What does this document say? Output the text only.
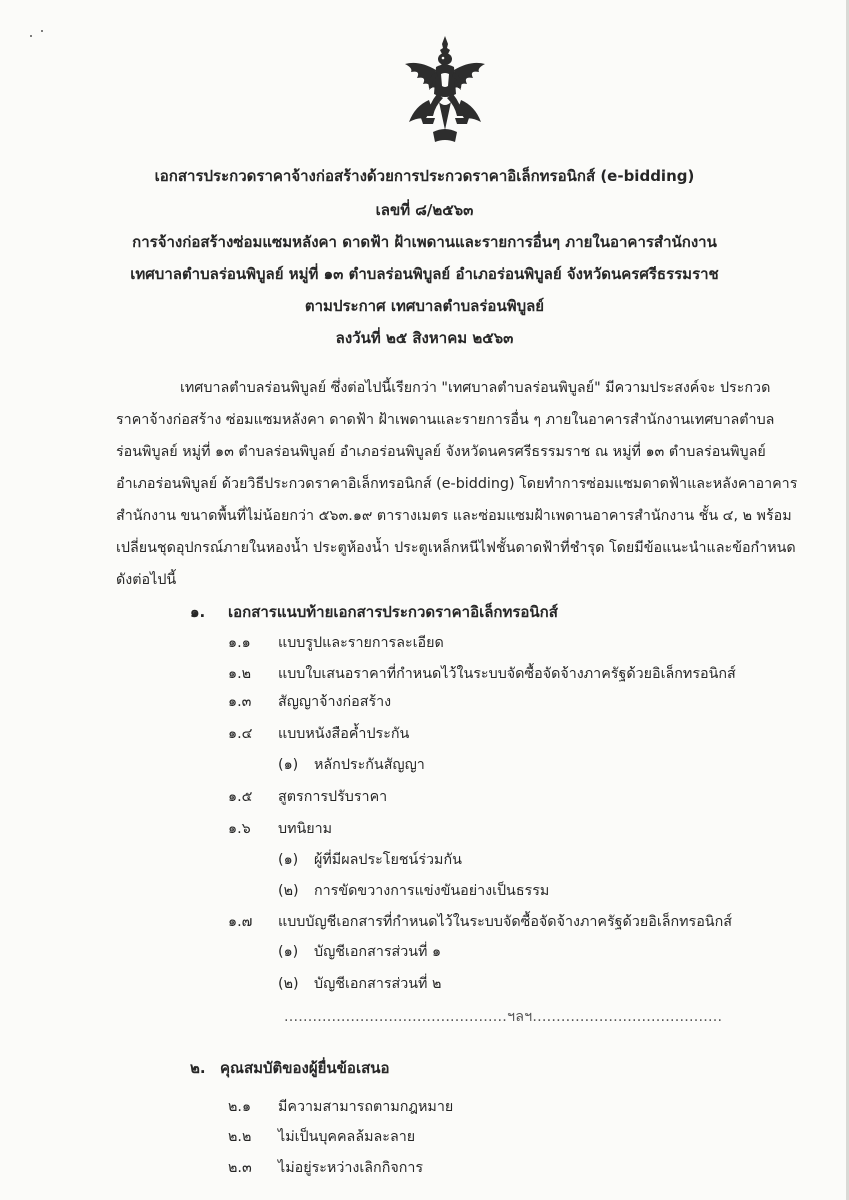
เอกสารประกวดราคาจ้างก่อสร้างด้วยการประกวดราคาอิเล็กทรอนิกส์ (e-bidding)
เลขที่ ๘/๒๕๖๓
การจ้างก่อสร้างซ่อมแซมหลังคา ดาดฟ้า ฝ้าเพดานและรายการอื่นๆ ภายในอาคารสำนักงาน
เทศบาลตำบลร่อนพิบูลย์ หมู่ที่ ๑๓ ตำบลร่อนพิบูลย์ อำเภอร่อนพิบูลย์ จังหวัดนครศรีธรรมราช
ตามประกาศ เทศบาลตำบลร่อนพิบูลย์
ลงวันที่ ๒๕ สิงหาคม ๒๕๖๓
เทศบาลตำบลร่อนพิบูลย์ ซึ่งต่อไปนี้เรียกว่า "เทศบาลตำบลร่อนพิบูลย์" มีความประสงค์จะ ประกวด
ราคาจ้างก่อสร้าง ซ่อมแซมหลังคา ดาดฟ้า ฝ้าเพดานและรายการอื่น ๆ ภายในอาคารสำนักงานเทศบาลตำบล
ร่อนพิบูลย์ หมู่ที่ ๑๓ ตำบลร่อนพิบูลย์ อำเภอร่อนพิบูลย์ จังหวัดนครศรีธรรมราช ณ หมู่ที่ ๑๓ ตำบลร่อนพิบูลย์
อำเภอร่อนพิบูลย์ ด้วยวิธีประกวดราคาอิเล็กทรอนิกส์ (e-bidding) โดยทำการซ่อมแซมดาดฟ้าและหลังคาอาคาร
สำนักงาน ขนาดพื้นที่ไม่น้อยกว่า ๕๖๓.๑๙ ตารางเมตร และซ่อมแซมฝ้าเพดานอาคารสำนักงาน ชั้น ๔, ๒ พร้อม
เปลี่ยนชุดอุปกรณ์ภายในหองน้ำ ประตูห้องน้ำ ประตูเหล็กหนีไฟชั้นดาดฟ้าที่ชำรุด โดยมีข้อแนะนำและข้อกำหนด
ดังต่อไปนี้
๑. เอกสารแนบท้ายเอกสารประกวดราคาอิเล็กทรอนิกส์
๑.๑ แบบรูปและรายการละเอียด
๑.๒ แบบใบเสนอราคาที่กำหนดไว้ในระบบจัดซื้อจัดจ้างภาครัฐด้วยอิเล็กทรอนิกส์
๑.๓ สัญญาจ้างก่อสร้าง
๑.๔ แบบหนังสือค้ำประกัน
(๑) หลักประกันสัญญา
๑.๕ สูตรการปรับราคา
๑.๖ บทนิยาม
(๑) ผู้ที่มีผลประโยชน์ร่วมกัน
(๒) การขัดขวางการแข่งขันอย่างเป็นธรรม
๑.๗ แบบบัญชีเอกสารที่กำหนดไว้ในระบบจัดซื้อจัดจ้างภาครัฐด้วยอิเล็กทรอนิกส์
(๑) บัญชีเอกสารส่วนที่ ๑
(๒) บัญชีเอกสารส่วนที่ ๒
...............................................ฯลฯ........................................
๒. คุณสมบัติของผู้ยื่นข้อเสนอ
๒.๑ มีความสามารถตามกฎหมาย
๒.๒ ไม่เป็นบุคคลล้มละลาย
๒.๓ ไม่อยู่ระหว่างเลิกกิจการ
